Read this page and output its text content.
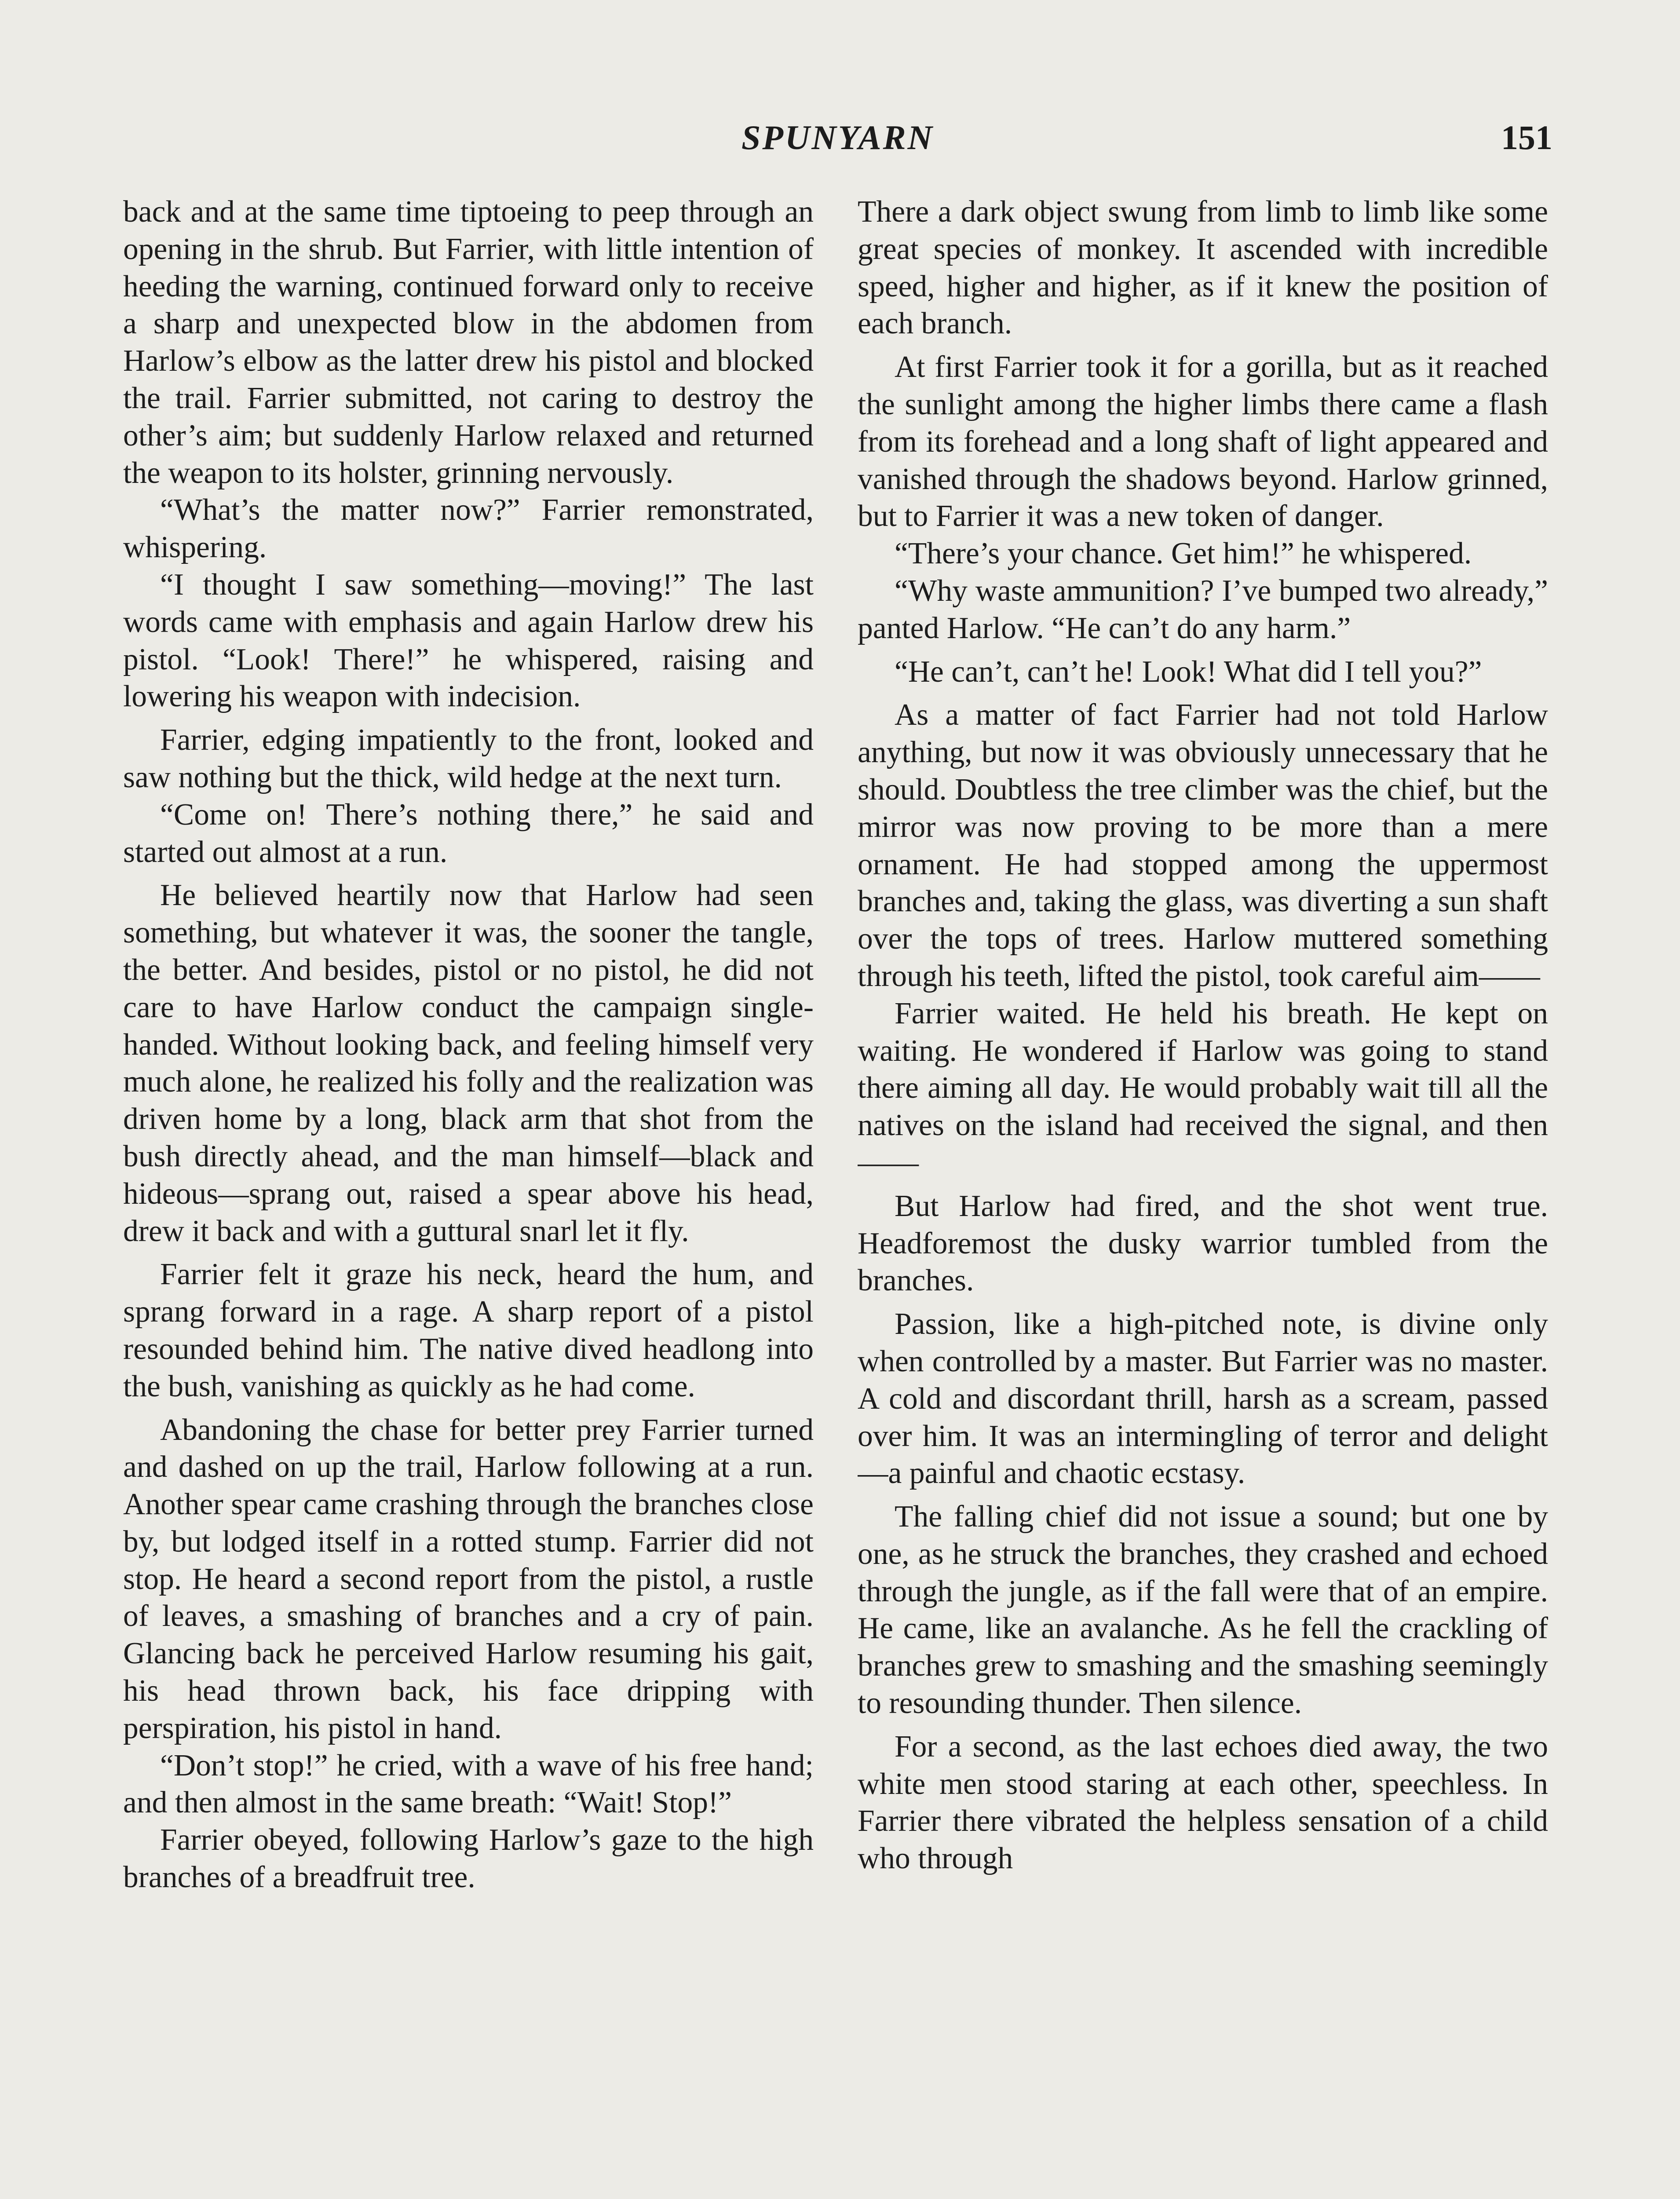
SPUNYARN	151

back and at the same time tiptoeing to peep through an opening in the shrub. But Farrier, with little intention of heeding the warning, continued forward only to receive a sharp and unexpected blow in the abdomen from Harlow’s elbow as the latter drew his pistol and blocked the trail. Farrier submitted, not caring to destroy the other’s aim; but suddenly Harlow relaxed and returned the weapon to its holster, grinning nervously.

“What’s the matter now?” Farrier remonstrated, whispering.

“I thought I saw something—moving!” The last words came with emphasis and again Harlow drew his pistol. “Look! There!” he whispered, raising and lowering his weapon with indecision.

Farrier, edging impatiently to the front, looked and saw nothing but the thick, wild hedge at the next turn.

“Come on! There’s nothing there,” he said and started out almost at a run.

He believed heartily now that Harlow had seen something, but whatever it was, the sooner the tangle, the better. And besides, pistol or no pistol, he did not care to have Harlow conduct the campaign single-handed. Without looking back, and feeling himself very much alone, he realized his folly and the realization was driven home by a long, black arm that shot from the bush directly ahead, and the man himself—black and hideous—sprang out, raised a spear above his head, drew it back and with a guttural snarl let it fly.

Farrier felt it graze his neck, heard the hum, and sprang forward in a rage. A sharp report of a pistol resounded behind him. The native dived headlong into the bush, vanishing as quickly as he had come.

Abandoning the chase for better prey Farrier turned and dashed on up the trail, Harlow following at a run. Another spear came crashing through the branches close by, but lodged itself in a rotted stump. Farrier did not stop. He heard a second report from the pistol, a rustle of leaves, a smashing of branches and a cry of pain. Glancing back he perceived Harlow resuming his gait, his head thrown back, his face dripping with perspiration, his pistol in hand.

“Don’t stop!” he cried, with a wave of his free hand; and then almost in the same breath: “Wait! Stop!”

Farrier obeyed, following Harlow’s gaze to the high branches of a breadfruit tree.

There a dark object swung from limb to limb like some great species of monkey. It ascended with incredible speed, higher and higher, as if it knew the position of each branch.

At first Farrier took it for a gorilla, but as it reached the sunlight among the higher limbs there came a flash from its forehead and a long shaft of light appeared and vanished through the shadows beyond. Harlow grinned, but to Farrier it was a new token of danger.

“There’s your chance. Get him!” he whispered.

“Why waste ammunition? I’ve bumped two already,” panted Harlow. “He can’t do any harm.”

“He can’t, can’t he! Look! What did I tell you?”

As a matter of fact Farrier had not told Harlow anything, but now it was obviously unnecessary that he should. Doubtless the tree climber was the chief, but the mirror was now proving to be more than a mere ornament. He had stopped among the uppermost branches and, taking the glass, was diverting a sun shaft over the tops of trees. Harlow muttered something through his teeth, lifted the pistol, took careful aim——

Farrier waited. He held his breath. He kept on waiting. He wondered if Harlow was going to stand there aiming all day. He would probably wait till all the natives on the island had received the signal, and then——

But Harlow had fired, and the shot went true. Headforemost the dusky warrior tumbled from the branches.

Passion, like a high-pitched note, is divine only when controlled by a master. But Farrier was no master. A cold and discordant thrill, harsh as a scream, passed over him. It was an intermingling of terror and delight—a painful and chaotic ecstasy.

The falling chief did not issue a sound; but one by one, as he struck the branches, they crashed and echoed through the jungle, as if the fall were that of an empire. He came, like an avalanche. As he fell the crackling of branches grew to smashing and the smashing seemingly to resounding thunder. Then silence.

For a second, as the last echoes died away, the two white men stood staring at each other, speechless. In Farrier there vibrated the helpless sensation of a child who through
